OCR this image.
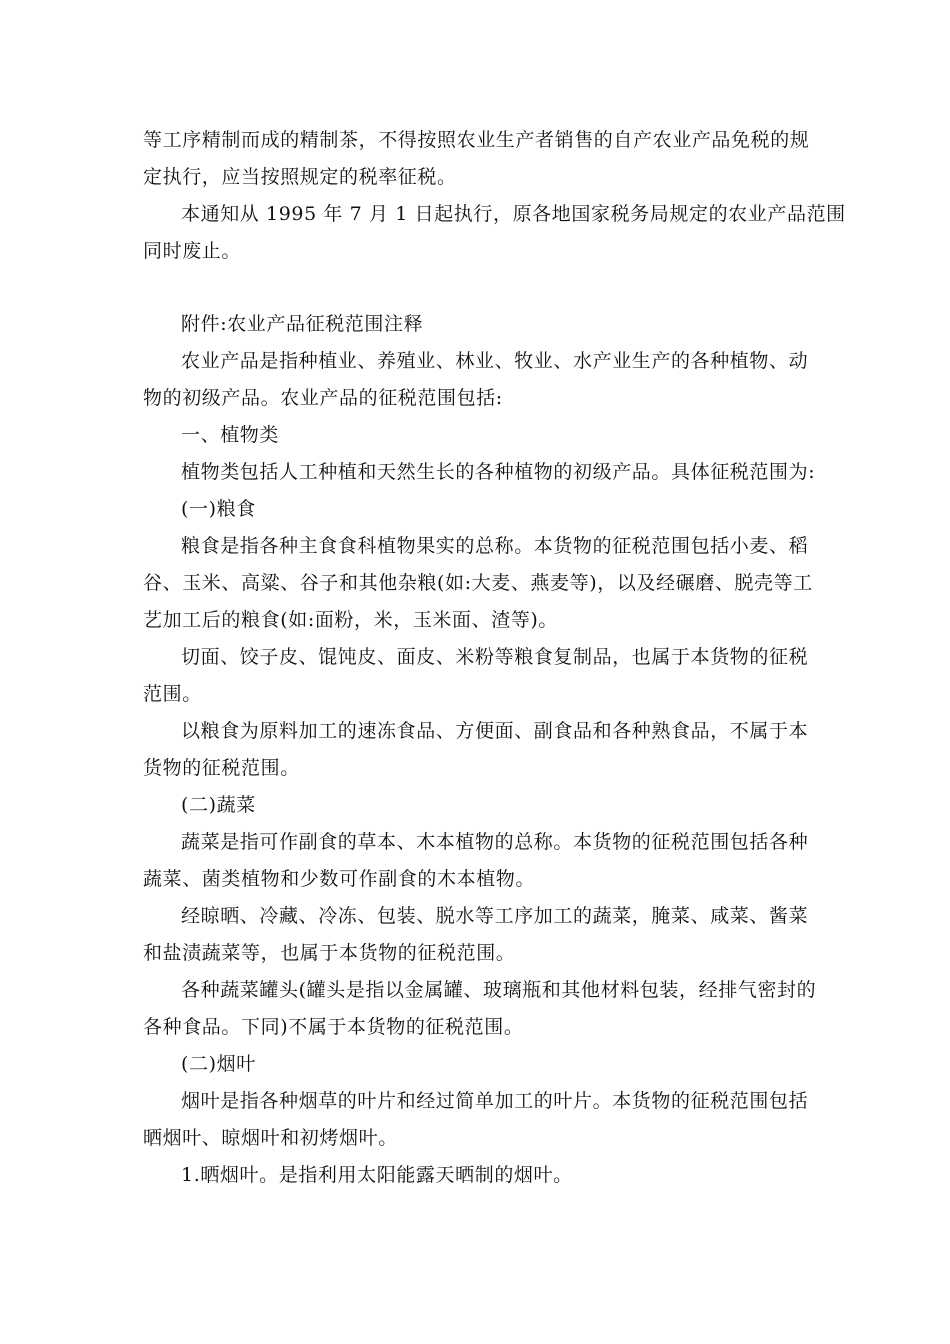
等工序精制而成的精制茶，不得按照农业生产者销售的自产农业产品免税的规
定执行，应当按照规定的税率征税。
本通知从 1995 年 7 月 1 日起执行，原各地国家税务局规定的农业产品范围
同时废止。
附件:农业产品征税范围注释
农业产品是指种植业、养殖业、林业、牧业、水产业生产的各种植物、动
物的初级产品。农业产品的征税范围包括:
一、植物类
植物类包括人工种植和天然生长的各种植物的初级产品。具体征税范围为:
(一)粮食
粮食是指各种主食食科植物果实的总称。本货物的征税范围包括小麦、稻
谷、玉米、高粱、谷子和其他杂粮(如:大麦、燕麦等)，以及经碾磨、脱壳等工
艺加工后的粮食(如:面粉，米，玉米面、渣等)。
切面、饺子皮、馄饨皮、面皮、米粉等粮食复制品，也属于本货物的征税
范围。
以粮食为原料加工的速冻食品、方便面、副食品和各种熟食品，不属于本
货物的征税范围。
(二)蔬菜
蔬菜是指可作副食的草本、木本植物的总称。本货物的征税范围包括各种
蔬菜、菌类植物和少数可作副食的木本植物。
经晾晒、冷藏、冷冻、包装、脱水等工序加工的蔬菜，腌菜、咸菜、酱菜
和盐渍蔬菜等，也属于本货物的征税范围。
各种蔬菜罐头(罐头是指以金属罐、玻璃瓶和其他材料包装，经排气密封的
各种食品。下同)不属于本货物的征税范围。
(二)烟叶
烟叶是指各种烟草的叶片和经过简单加工的叶片。本货物的征税范围包括
晒烟叶、晾烟叶和初烤烟叶。
1.晒烟叶。是指利用太阳能露天晒制的烟叶。
